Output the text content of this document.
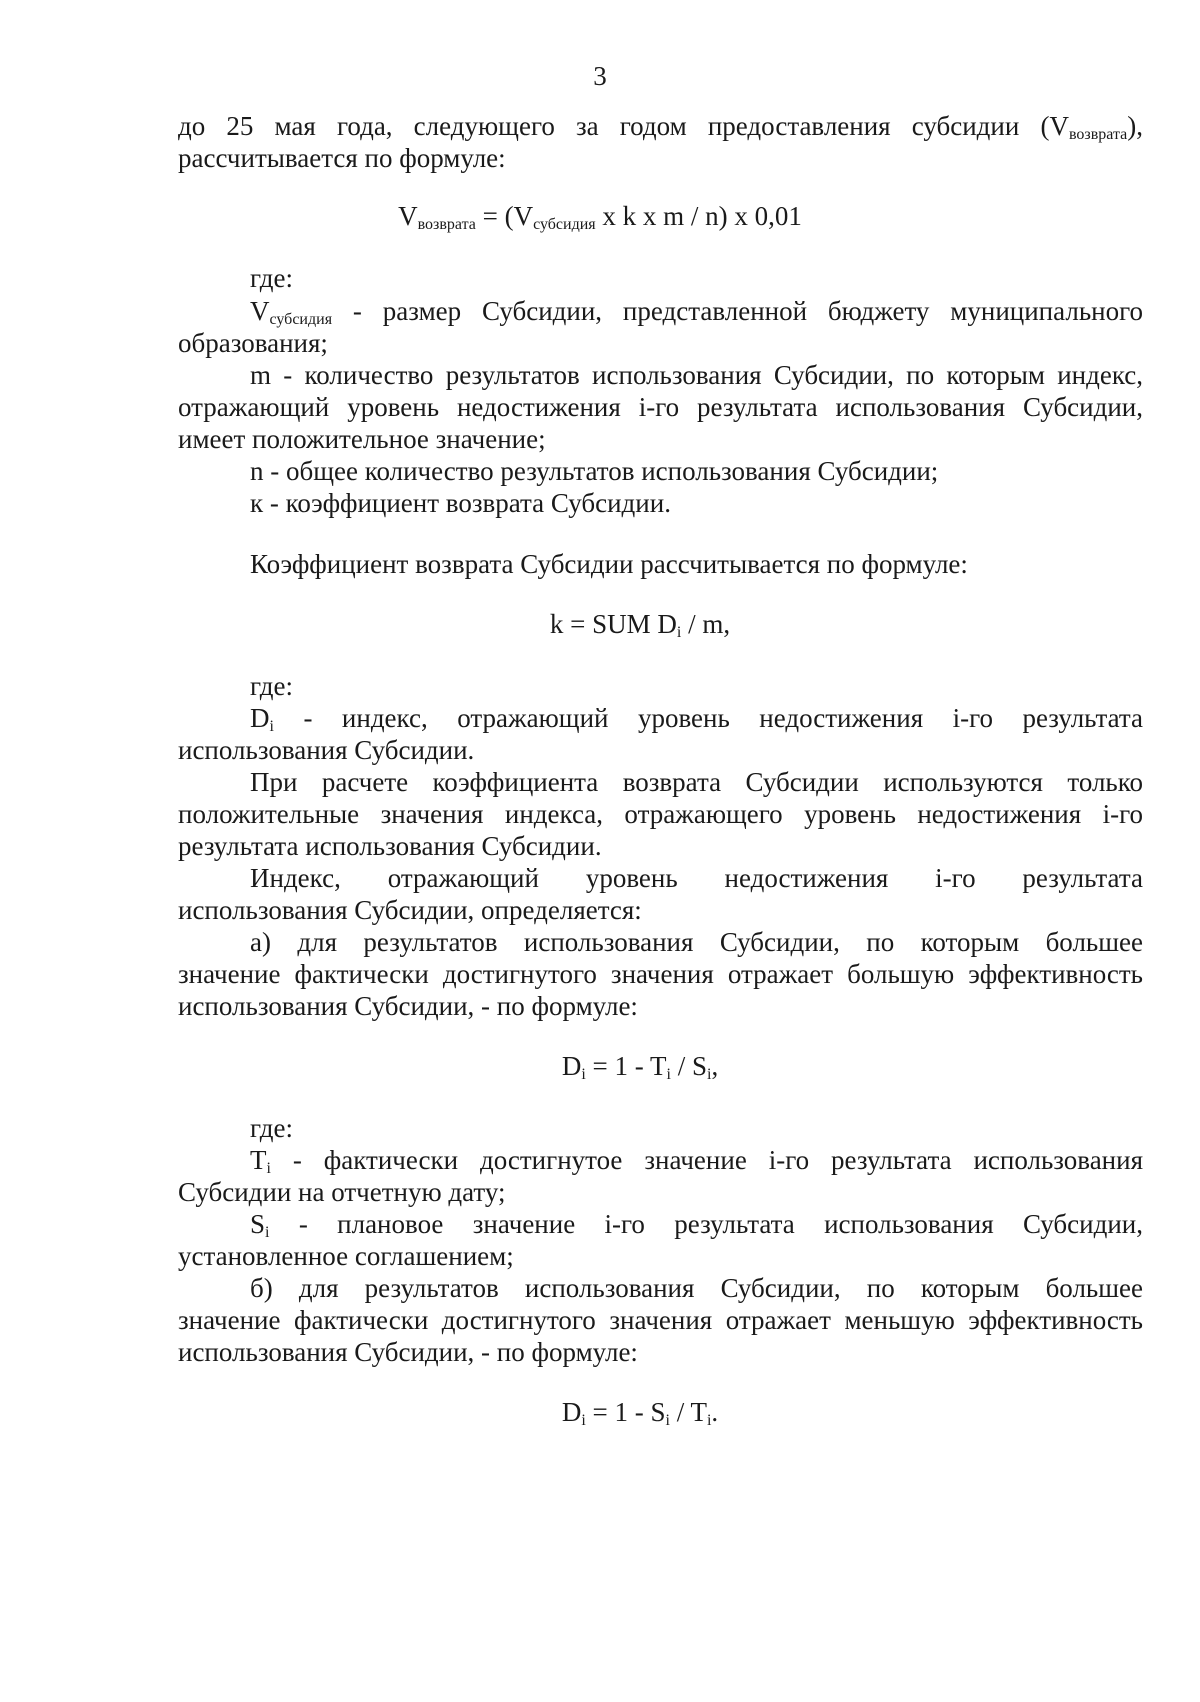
3
до 25 мая года, следующего за годом предоставления субсидии $(V_{возврата})$,
рассчитывается по формуле:
$V_{возврата} = (V_{субсидия}$ x k x m / n) x 0,01
где:
$V_{субсидия}$ - размер Субсидии, представленной бюджету муниципального
образования;
m - количество результатов использования Субсидии, по которым индекс,
отражающий уровень недостижения i-го результата использования Субсидии,
имеет положительное значение;
n - общее количество результатов использования Субсидии;
к - коэффициент возврата Субсидии.
Коэффициент возврата Субсидии рассчитывается по формуле:
k = SUM $D_i$ / m,
где:
$D_i$ - индекс, отражающий уровень недостижения i-го результата
использования Субсидии.
При расчете коэффициента возврата Субсидии используются только
положительные значения индекса, отражающего уровень недостижения i-го
результата использования Субсидии.
Индекс, отражающий уровень недостижения i-го результата
использования Субсидии, определяется:
а) для результатов использования Субсидии, по которым большее
значение фактически достигнутого значения отражает большую эффективность
использования Субсидии, - по формуле:
$D_i = 1 - T_i / S_i$,
где:
$T_i$ - фактически достигнутое значение i-го результата использования
Субсидии на отчетную дату;
$S_i$ - плановое значение i-го результата использования Субсидии,
установленное соглашением;
б) для результатов использования Субсидии, по которым большее
значение фактически достигнутого значения отражает меньшую эффективность
использования Субсидии, - по формуле:
$D_i = 1 - S_i / T_i$.
